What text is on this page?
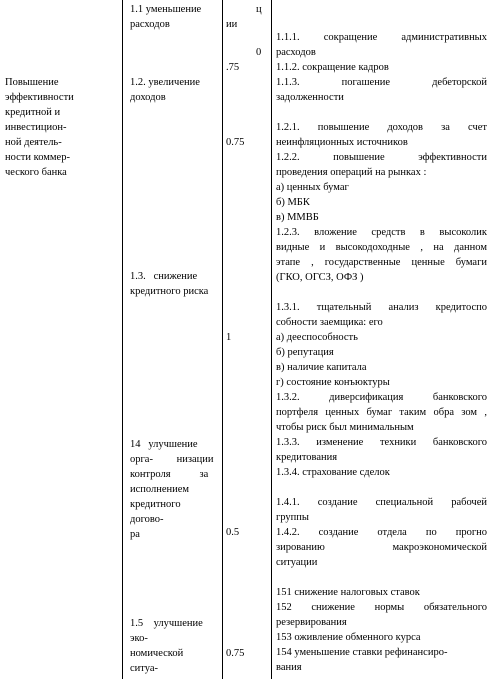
Повышение
эффективности
кредитной и
инвестицион-
ной деятель-
ности коммер-
ческого банка
1.1 уменьшение
расходов
1.2. увеличение
доходов
1.3.   снижение
кредитного риска
14   улучшение
орга-         низации
контроля           за
исполнением
кредитного
догово-
ра
1.5    улучшение
эко-
номической
ситуа-
ц
ии
0
.75
0.75
1
0.5
0.75
1.1.1. сокращение административных
расходов
1.1.2. сокращение кадров
1.1.3. погашение дебеторской
задолженности
1.2.1. повышение доходов за счет
неинфляционных источников
1.2.2. повышение эффективности
проведения операций на рынках :
а) ценных бумаг
б) МБК
в) ММВБ
1.2.3. вложение средств в высоколик
видные и высокодоходные , на данном
этапе , государственные ценные бумаги
(ГКО, ОГСЗ, ОФЗ )
1.3.1. тщательный анализ кредитоспо
собности заемщика: его
а) дееспособность
б) репутация
в) наличие капитала
г) состояние конъюктуры
1.3.2. диверсификация банковского
портфеля ценных бумаг таким обра зом ,
чтобы риск был минимальным
1.3.3. изменение техники банковского
кредитования
1.3.4. страхование сделок
1.4.1. создание специальной рабочей
группы
1.4.2. создание отдела по прогно
зированию макроэкономической
ситуации
151 снижение налоговых ставок
152 снижение нормы обязательного
резервирования
153 оживление обменного курса
154 уменьшение ставки рефинансиро-
вания
